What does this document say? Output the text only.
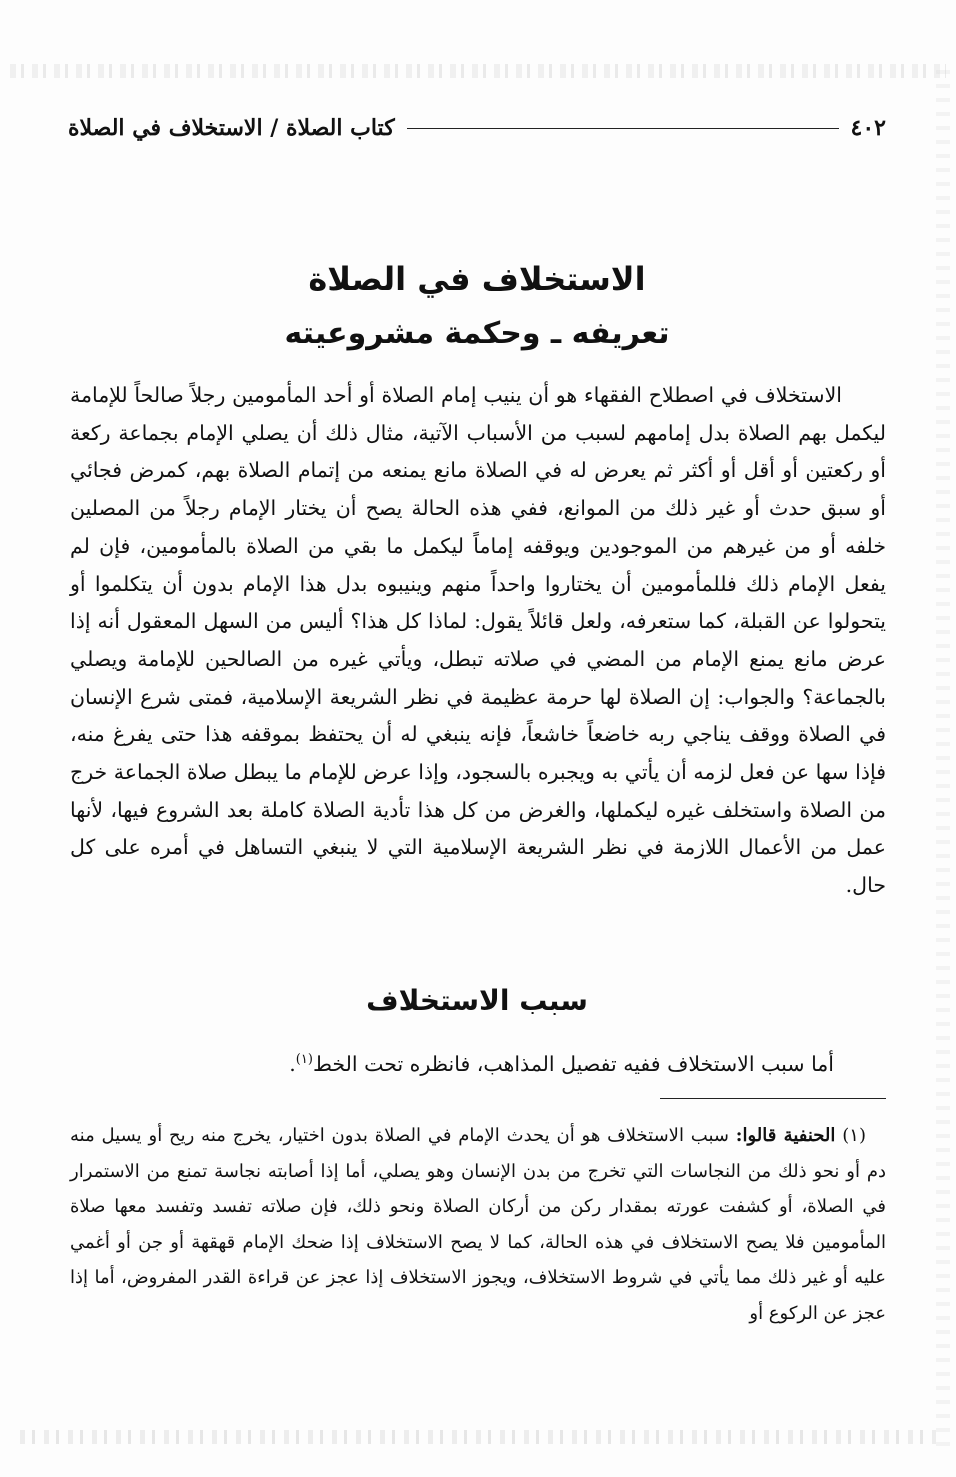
٤٠٢
كتاب الصلاة / الاستخلاف في الصلاة
الاستخلاف في الصلاة
تعريفه ـ وحكمة مشروعيته

الاستخلاف في اصطلاح الفقهاء هو أن ينيب إمام الصلاة أو أحد المأمومين رجلاً صالحاً للإمامة ليكمل بهم الصلاة بدل إمامهم لسبب من الأسباب الآتية، مثال ذلك أن يصلي الإمام بجماعة ركعة أو ركعتين أو أقل أو أكثر ثم يعرض له في الصلاة مانع يمنعه من إتمام الصلاة بهم، كمرض فجائي أو سبق حدث أو غير ذلك من الموانع، ففي هذه الحالة يصح أن يختار الإمام رجلاً من المصلين خلفه أو من غيرهم من الموجودين ويوقفه إماماً ليكمل ما بقي من الصلاة بالمأمومين، فإن لم يفعل الإمام ذلك فللمأمومين أن يختاروا واحداً منهم وينيبوه بدل هذا الإمام بدون أن يتكلموا أو يتحولوا عن القبلة، كما ستعرفه، ولعل قائلاً يقول: لماذا كل هذا؟ أليس من السهل المعقول أنه إذا عرض مانع يمنع الإمام من المضي في صلاته تبطل، ويأتي غيره من الصالحين للإمامة ويصلي بالجماعة؟ والجواب: إن الصلاة لها حرمة عظيمة في نظر الشريعة الإسلامية، فمتى شرع الإنسان في الصلاة ووقف يناجي ربه خاضعاً خاشعاً، فإنه ينبغي له أن يحتفظ بموقفه هذا حتى يفرغ منه، فإذا سها عن فعل لزمه أن يأتي به ويجبره بالسجود، وإذا عرض للإمام ما يبطل صلاة الجماعة خرج من الصلاة واستخلف غيره ليكملها، والغرض من كل هذا تأدية الصلاة كاملة بعد الشروع فيها، لأنها عمل من الأعمال اللازمة في نظر الشريعة الإسلامية التي لا ينبغي التساهل في أمره على كل حال.

سبب الاستخلاف

أما سبب الاستخلاف ففيه تفصيل المذاهب، فانظره تحت الخط$^{(١)}$.

(١) الحنفية قالوا: سبب الاستخلاف هو أن يحدث الإمام في الصلاة بدون اختيار، يخرج منه ريح أو يسيل منه دم أو نحو ذلك من النجاسات التي تخرج من بدن الإنسان وهو يصلي، أما إذا أصابته نجاسة تمنع من الاستمرار في الصلاة، أو كشفت عورته بمقدار ركن من أركان الصلاة ونحو ذلك، فإن صلاته تفسد وتفسد معها صلاة المأمومين فلا يصح الاستخلاف في هذه الحالة، كما لا يصح الاستخلاف إذا ضحك الإمام قهقهة أو جن أو أغمي عليه أو غير ذلك مما يأتي في شروط الاستخلاف، ويجوز الاستخلاف إذا عجز عن قراءة القدر المفروض، أما إذا عجز عن الركوع أو
